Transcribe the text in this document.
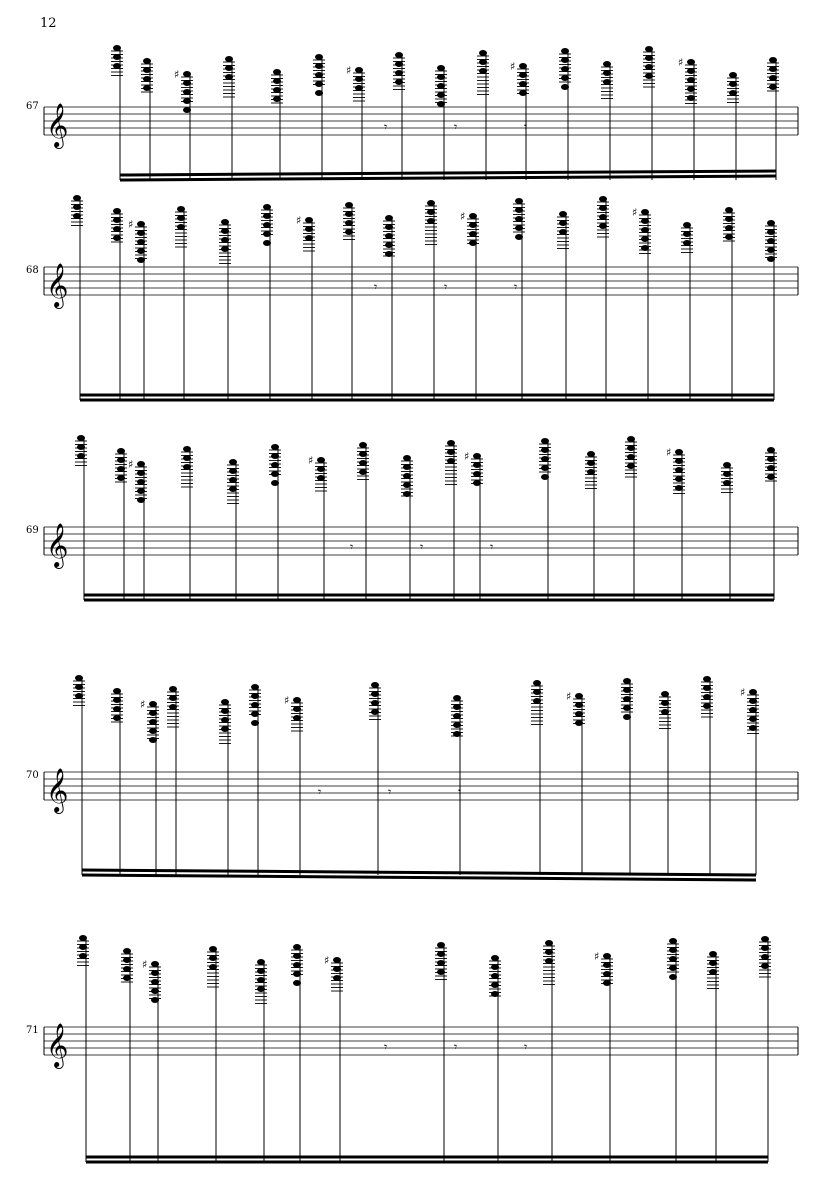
12
67
68
69
70
71
𝄞
𝄞
𝄞
𝄞
𝄞
♯	♯	♯	♯
𝄾	𝄾	𝄾
♯	♯	♯	♯
𝄾	𝄾	𝄾
♯	♯	♯	♯
𝄾	𝄾	𝄾
♯	♯	♯	♯
𝄾	𝄾	𝄾
♯	♯	♯
𝄾	𝄾	𝄾
